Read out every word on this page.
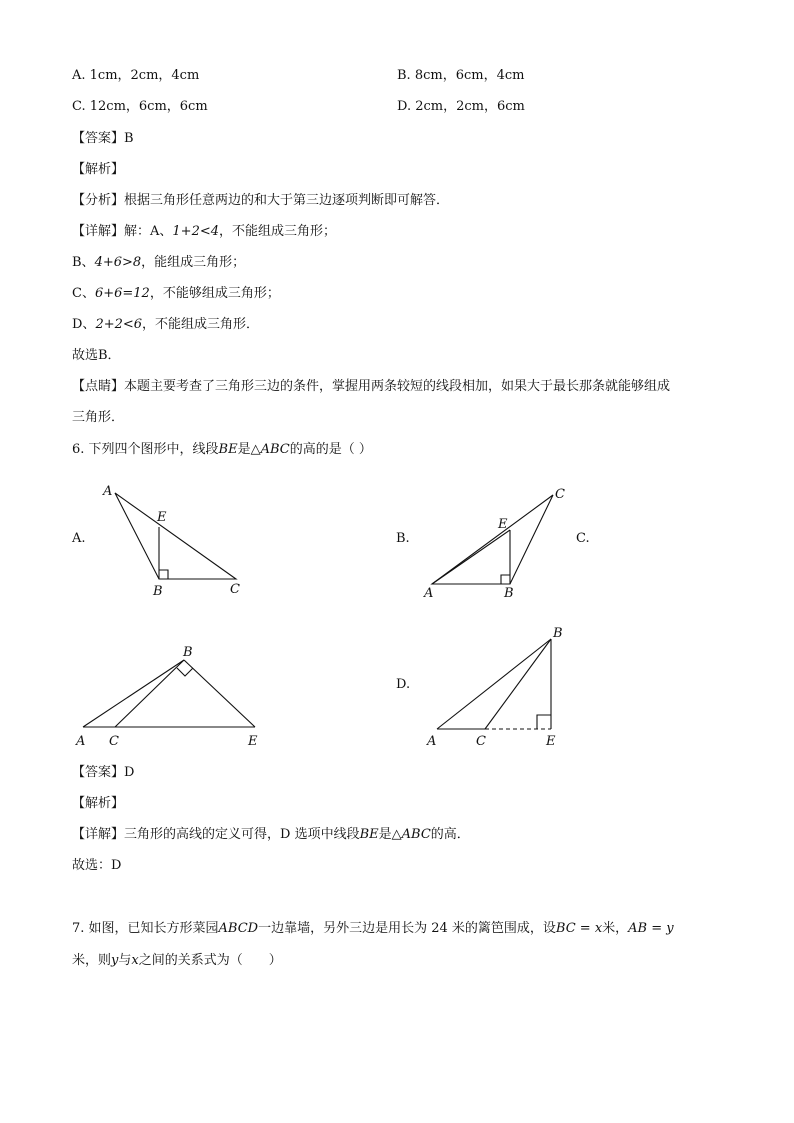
A. 1cm，2cm，4cm	B. 8cm，6cm，4cm
C. 12cm，6cm，6cm	D. 2cm，2cm，6cm
【答案】B
【解析】
【分析】根据三角形任意两边的和大于第三边逐项判断即可解答．
【详解】解：A、1+2<4，不能组成三角形；
B、4+6>8，能组成三角形；
C、6+6=12，不能够组成三角形；
D、2+2<6，不能组成三角形．
故选B．
【点睛】本题主要考查了三角形三边的条件，掌握用两条较短的线段相加，如果大于最长那条就能够组成
三角形．
6. 下列四个图形中，线段BE是△ABC的高的是（ ）
A.	B.	C.
D.
A
E
B	C	A
E
B
C
A C
B
E	A	C
B
E
【答案】D
【解析】
【详解】三角形的高线的定义可得，D 选项中线段BE是△ABC的高．
故选：D
7. 如图，已知长方形菜园ABCD一边靠墙，另外三边是用长为 24 米的篱笆围成，设BC = x米，AB = y
米，则y与x之间的关系式为（　　）
